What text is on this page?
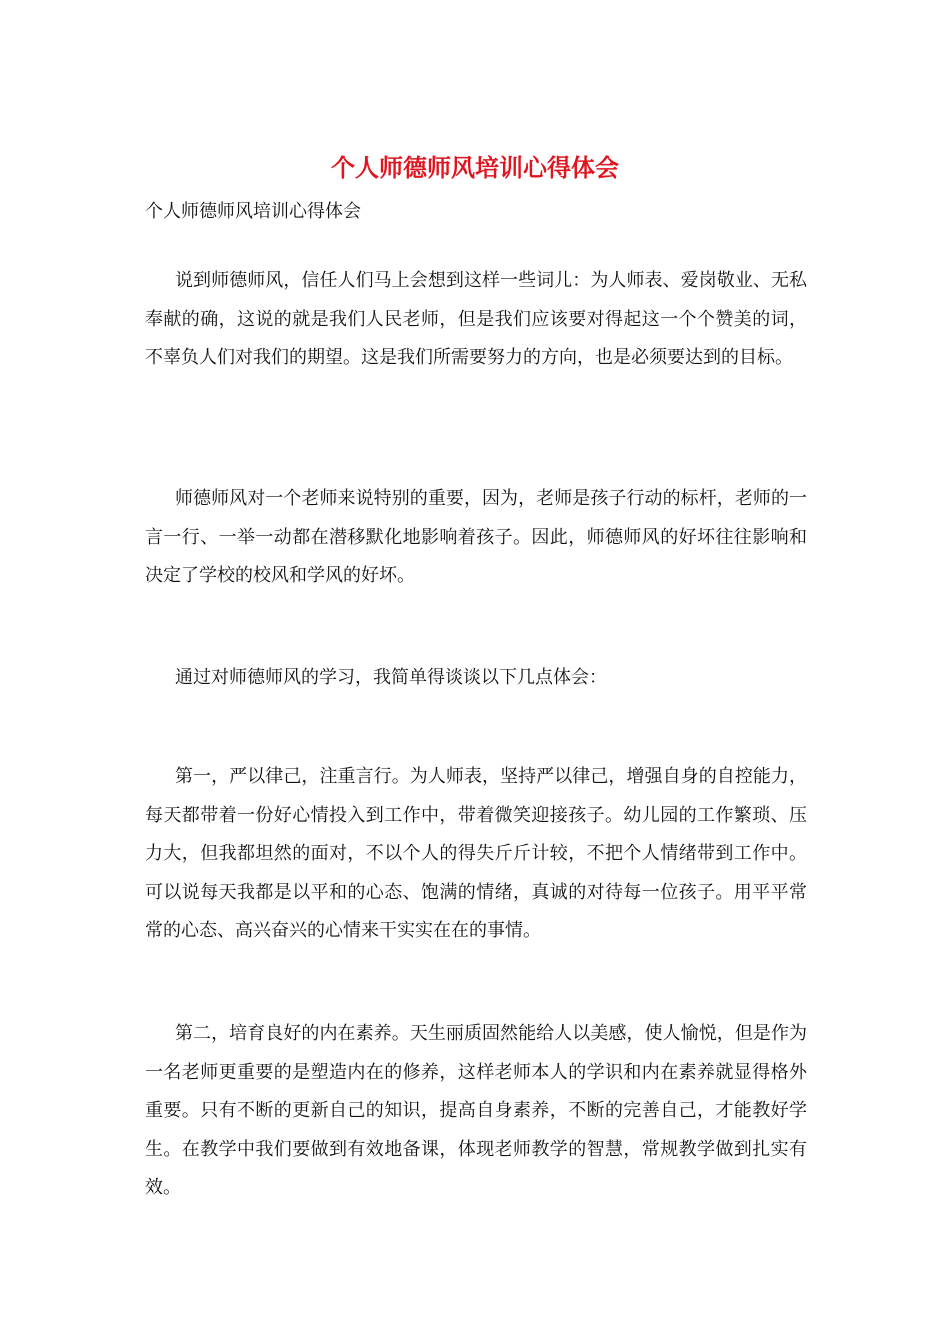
个人师德师风培训心得体会

个人师德师风培训心得体会

说到师德师风，信任人们马上会想到这样一些词儿：为人师表、爱岗敬业、无私奉献的确，这说的就是我们人民老师，但是我们应该要对得起这一个个赞美的词，不辜负人们对我们的期望。这是我们所需要努力的方向，也是必须要达到的目标。

师德师风对一个老师来说特别的重要，因为，老师是孩子行动的标杆，老师的一言一行、一举一动都在潜移默化地影响着孩子。因此，师德师风的好坏往往影响和决定了学校的校风和学风的好坏。

通过对师德师风的学习，我简单得谈谈以下几点体会：

第一，严以律己，注重言行。为人师表，坚持严以律己，增强自身的自控能力，每天都带着一份好心情投入到工作中，带着微笑迎接孩子。幼儿园的工作繁琐、压力大，但我都坦然的面对，不以个人的得失斤斤计较，不把个人情绪带到工作中。可以说每天我都是以平和的心态、饱满的情绪，真诚的对待每一位孩子。用平平常常的心态、高兴奋兴的心情来干实实在在的事情。

第二，培育良好的内在素养。天生丽质固然能给人以美感，使人愉悦，但是作为一名老师更重要的是塑造内在的修养，这样老师本人的学识和内在素养就显得格外重要。只有不断的更新自己的知识，提高自身素养，不断的完善自己，才能教好学生。在教学中我们要做到有效地备课，体现老师教学的智慧，常规教学做到扎实有效。
